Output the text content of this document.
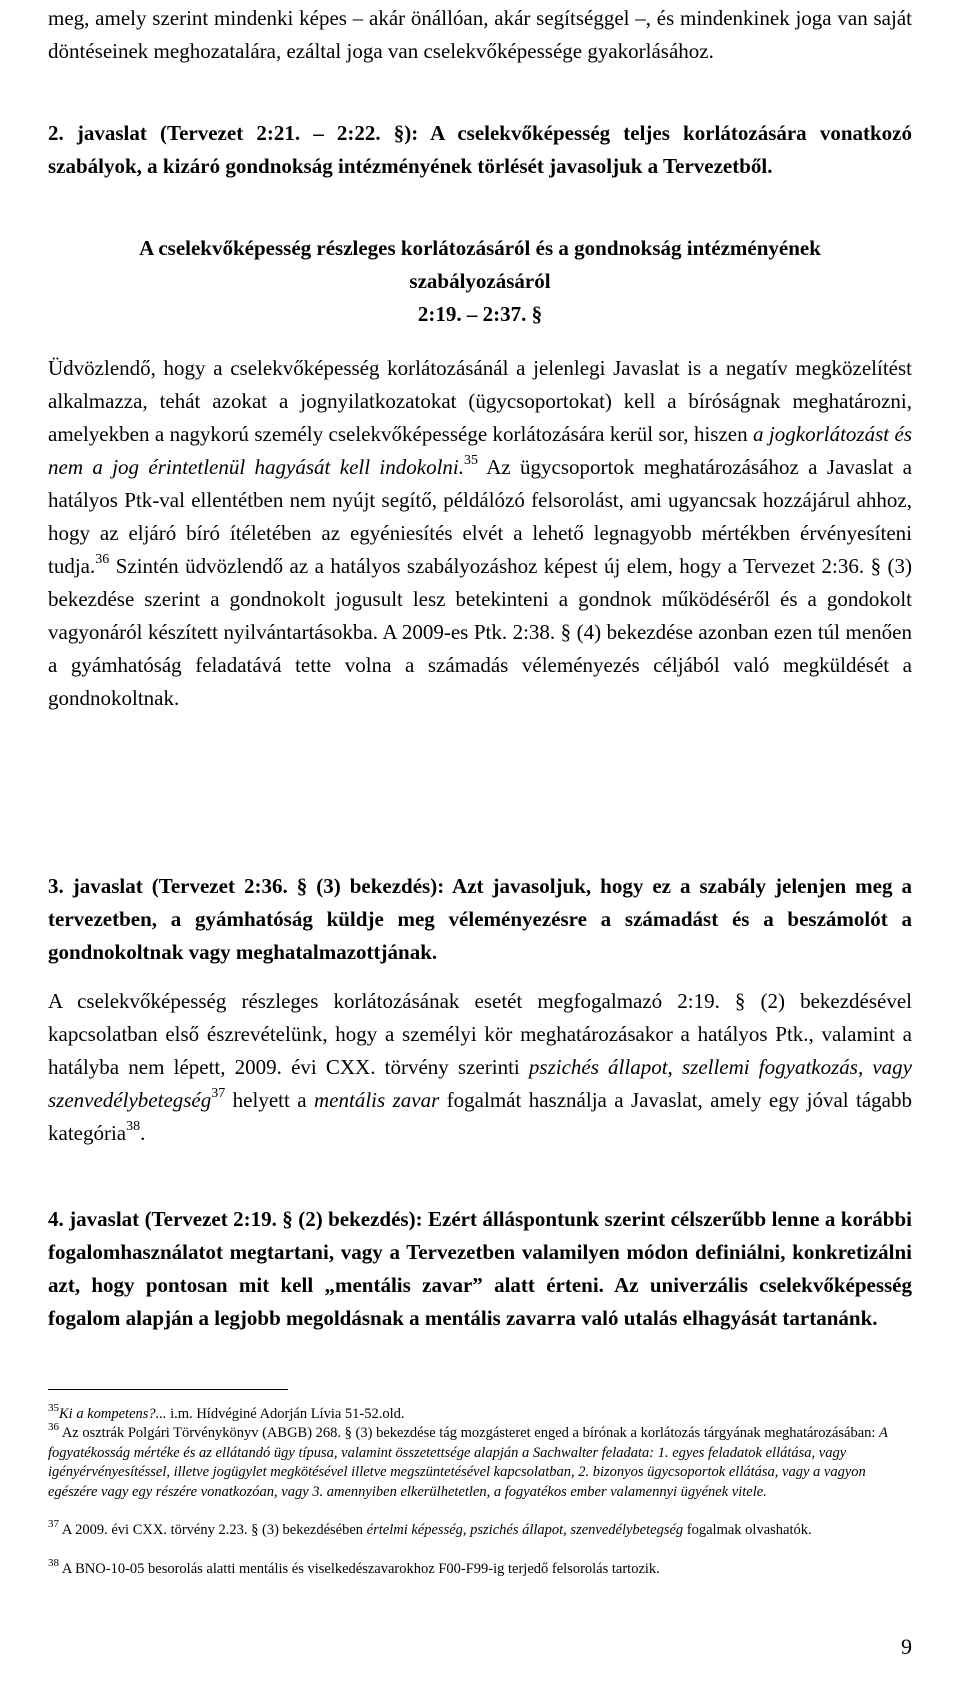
meg, amely szerint mindenki képes – akár önállóan, akár segítséggel –, és mindenkinek joga van saját döntéseinek meghozatalára, ezáltal joga van cselekvőképessége gyakorlásához.

2. javaslat (Tervezet 2:21. – 2:22. §): A cselekvőképesség teljes korlátozására vonatkozó szabályok, a kizáró gondnokság intézményének törlését javasoljuk a Tervezetből.

A cselekvőképesség részleges korlátozásáról és a gondnokság intézményének
szabályozásáról
2:19. – 2:37. §

Üdvözlendő, hogy a cselekvőképesség korlátozásánál a jelenlegi Javaslat is a negatív megközelítést alkalmazza, tehát azokat a jognyilatkozatokat (ügycsoportokat) kell a bíróságnak meghatározni, amelyekben a nagykorú személy cselekvőképessége korlátozására kerül sor, hiszen a jogkorlátozást és nem a jog érintetlenül hagyását kell indokolni.$^{35}$ Az ügycsoportok meghatározásához a Javaslat a hatályos Ptk-val ellentétben nem nyújt segítő, példálózó felsorolást, ami ugyancsak hozzájárul ahhoz, hogy az eljáró bíró ítéletében az egyéniesítés elvét a lehető legnagyobb mértékben érvényesíteni tudja.$^{36}$ Szintén üdvözlendő az a hatályos szabályozáshoz képest új elem, hogy a Tervezet 2:36. § (3) bekezdése szerint a gondnokolt jogusult lesz betekinteni a gondnok működéséről és a gondokolt vagyonáról készített nyilvántartásokba. A 2009-es Ptk. 2:38. § (4) bekezdése azonban ezen túl menően a gyámhatóság feladatává tette volna a számadás véleményezés céljából való megküldését a gondnokoltnak.

3. javaslat (Tervezet 2:36. § (3) bekezdés): Azt javasoljuk, hogy ez a szabály jelenjen meg a tervezetben, a gyámhatóság küldje meg véleményezésre a számadást és a beszámolót a gondnokoltnak vagy meghatalmazottjának.

A cselekvőképesség részleges korlátozásának esetét megfogalmazó 2:19. § (2) bekezdésével kapcsolatban első észrevételünk, hogy a személyi kör meghatározásakor a hatályos Ptk., valamint a hatályba nem lépett, 2009. évi CXX. törvény szerinti pszichés állapot, szellemi fogyatkozás, vagy szenvedélybetegség$^{37}$ helyett a mentális zavar fogalmát használja a Javaslat, amely egy jóval tágabb kategória$^{38}$.

4. javaslat (Tervezet 2:19. § (2) bekezdés): Ezért álláspontunk szerint célszerűbb lenne a korábbi fogalomhasználatot megtartani, vagy a Tervezetben valamilyen módon definiálni, konkretizálni azt, hogy pontosan mit kell „mentális zavar” alatt érteni. Az univerzális cselekvőképesség fogalom alapján a legjobb megoldásnak a mentális zavarra való utalás elhagyását tartanánk.

$^{35}$Ki a kompetens?... i.m. Hídvéginé Adorján Lívia 51-52.old.

$^{36}$ Az osztrák Polgári Törvénykönyv (ABGB) 268. § (3) bekezdése tág mozgásteret enged a bírónak a korlátozás tárgyának meghatározásában: A fogyatékosság mértéke és az ellátandó ügy típusa, valamint összetettsége alapján a Sachwalter feladata: 1. egyes feladatok ellátása, vagy igényérvényesítéssel, illetve jogügylet megkötésével illetve megszüntetésével kapcsolatban, 2. bizonyos ügycsoportok ellátása, vagy a vagyon egészére vagy egy részére vonatkozóan, vagy 3. amennyiben elkerülhetetlen, a fogyatékos ember valamennyi ügyének vitele.

$^{37}$ A 2009. évi CXX. törvény 2.23. § (3) bekezdésében értelmi képesség, pszichés állapot, szenvedélybetegség fogalmak olvashatók.

$^{38}$ A BNO-10-05 besorolás alatti mentális és viselkedészavarokhoz F00-F99-ig terjedő felsorolás tartozik.

9
